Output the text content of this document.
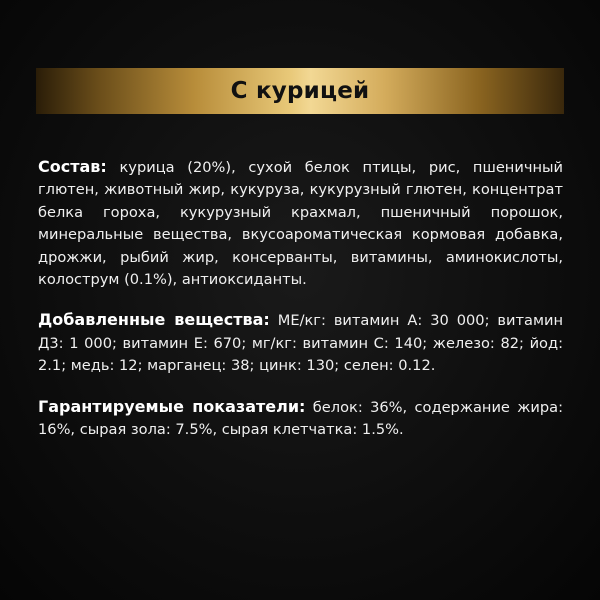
С курицей

Состав: курица (20%), сухой белок птицы, рис, пшеничный глютен, животный жир, кукуруза, кукурузный глютен, концентрат белка гороха, кукурузный крахмал, пшеничный порошок, минеральные вещества, вкусоароматическая кормовая добавка, дрожжи, рыбий жир, консерванты, витамины, аминокислоты, колострум (0.1%), антиоксиданты.

Добавленные вещества: МЕ/кг: витамин А: 30 000; витамин Д3: 1 000; витамин Е: 670; мг/кг: витамин С: 140; железо: 82; йод: 2.1; медь: 12; марганец: 38; цинк: 130; селен: 0.12.

Гарантируемые показатели: белок: 36%, содержание жира: 16%, сырая зола: 7.5%, сырая клетчатка: 1.5%.
